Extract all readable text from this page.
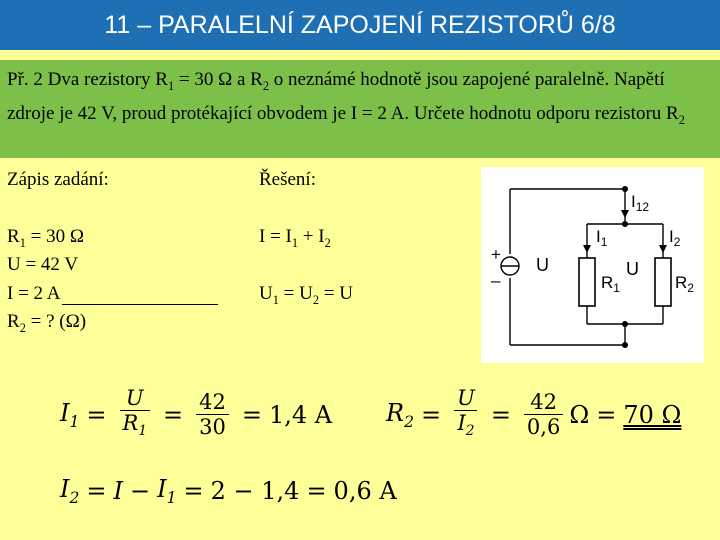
11 – PARALELNÍ ZAPOJENÍ REZISTORŮ 6/8
Př. 2 Dva rezistory $R_1 = 30$ Ω a $R_2$ o neznámé hodnotě jsou zapojené paralelně. Napětí zdroje je 42 V, proud protékající obvodem je I = 2 A. Určete hodnotu odporu rezistoru $R_2$
Zápis zadání:
$R_1 = 30$ Ω
U = 42 V
I = 2 A
$R_2$ = ? (Ω)
Řešení:
$I = I_1 + I_2$
$U_1 = U_2 = U$
$I_{12}$
$I_1$	$I_2$
U	U
$R_1$	$R_2$
+
–
$I_1 = \frac{U}{R_1} = \frac{42}{30} = 1,4$ A $R_2 = \frac{U}{I_2} = \frac{42}{0,6}$ Ω = 70 Ω
$I_2 = I - I_1 = 2 - 1,4 = 0,6$ A
